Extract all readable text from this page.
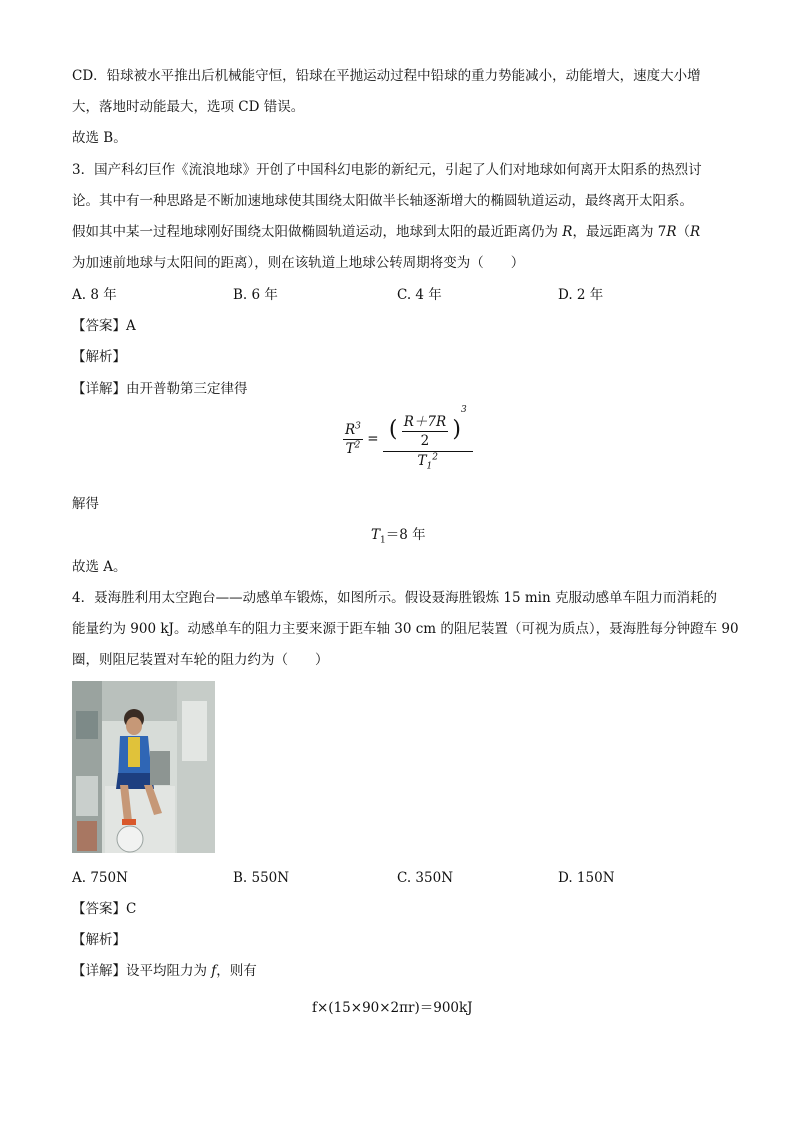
CD．铅球被水平推出后机械能守恒，铅球在平抛运动过程中铅球的重力势能减小，动能增大，速度大小增
大，落地时动能最大，选项 CD 错误。
故选 B。
3．国产科幻巨作《流浪地球》开创了中国科幻电影的新纪元，引起了人们对地球如何离开太阳系的热烈讨
论。其中有一种思路是不断加速地球使其围绕太阳做半长轴逐渐增大的椭圆轨道运动，最终离开太阳系。
假如其中某一过程地球刚好围绕太阳做椭圆轨道运动，地球到太阳的最近距离仍为 R，最远距离为 7R（R
为加速前地球与太阳间的距离），则在该轨道上地球公转周期将变为（　　）
A. 8 年	B. 6 年	C. 4 年	D. 2 年
【答案】A
【解析】
【详解】由开普勒第三定律得
$\frac{R^3}{T^2} = \frac{( \frac{R+7R}{2} )^3}{T_1^2}$
解得
$T_1=8$ 年
故选 A。
4．聂海胜利用太空跑台——动感单车锻炼，如图所示。假设聂海胜锻炼 15 min 克服动感单车阻力而消耗的
能量约为 900 kJ。动感单车的阻力主要来源于距车轴 30 cm 的阻尼装置（可视为质点），聂海胜每分钟蹬车 90
圈，则阻尼装置对车轮的阻力约为（　　）
A. 750N	B. 550N	C. 350N	D. 150N
【答案】C
【解析】
【详解】设平均阻力为 f，则有
f×(15×90×2πr)＝900kJ
